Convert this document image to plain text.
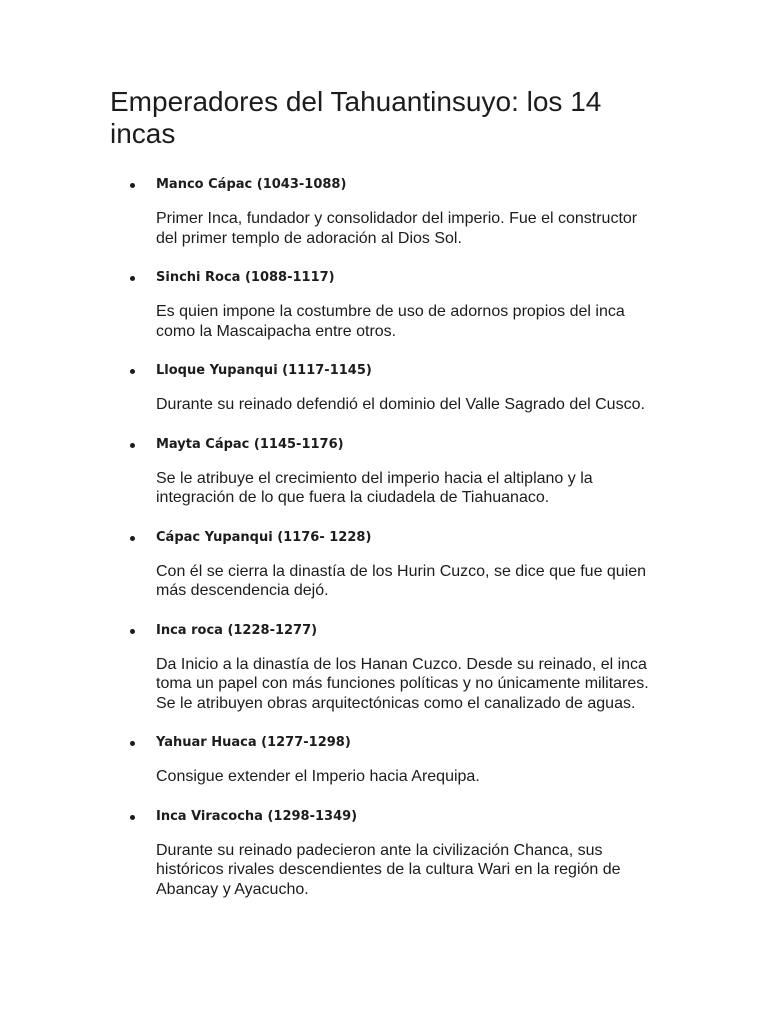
Emperadores del Tahuantinsuyo: los 14 incas
Manco Cápac (1043-1088)

Primer Inca, fundador y consolidador del imperio. Fue el constructor del primer templo de adoración al Dios Sol.

Sinchi Roca (1088-1117)

Es quien impone la costumbre de uso de adornos propios del inca como la Mascaipacha entre otros.

Lloque Yupanqui (1117-1145)

Durante su reinado defendió el dominio del Valle Sagrado del Cusco.

Mayta Cápac (1145-1176)

Se le atribuye el crecimiento del imperio hacia el altiplano y la integración de lo que fuera la ciudadela de Tiahuanaco.

Cápac Yupanqui (1176- 1228)

Con él se cierra la dinastía de los Hurin Cuzco, se dice que fue quien más descendencia dejó.

Inca roca (1228-1277)

Da Inicio a la dinastía de los Hanan Cuzco. Desde su reinado, el inca toma un papel con más funciones políticas y no únicamente militares. Se le atribuyen obras arquitectónicas como el canalizado de aguas.

Yahuar Huaca (1277-1298)

Consigue extender el Imperio hacia Arequipa.

Inca Viracocha (1298-1349)

Durante su reinado padecieron ante la civilización Chanca, sus históricos rivales descendientes de la cultura Wari en la región de Abancay y Ayacucho.
